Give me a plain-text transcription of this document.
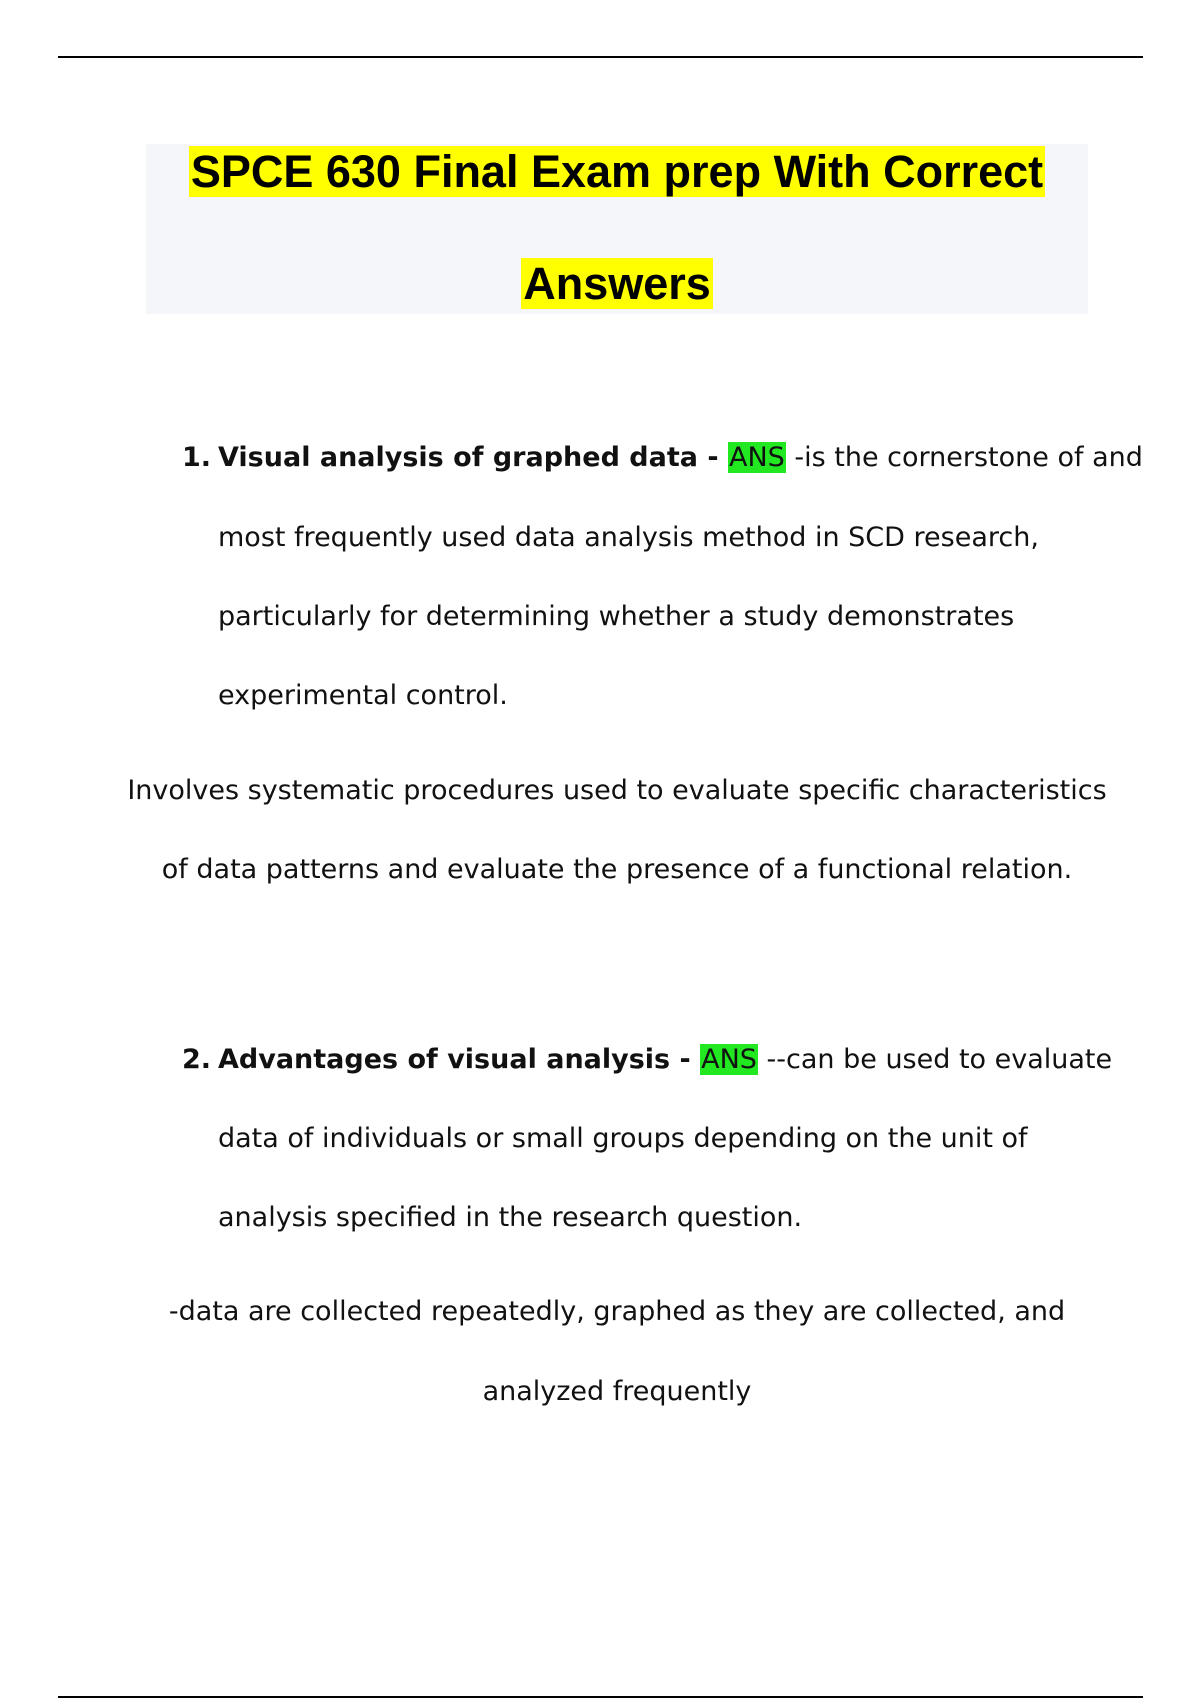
SPCE 630 Final Exam prep With Correct
Answers
1. Visual analysis of graphed data - ANS -is the cornerstone of and
most frequently used data analysis method in SCD research,
particularly for determining whether a study demonstrates
experimental control.
Involves systematic procedures used to evaluate specific characteristics
of data patterns and evaluate the presence of a functional relation.
2. Advantages of visual analysis - ANS --can be used to evaluate
data of individuals or small groups depending on the unit of
analysis specified in the research question.
-data are collected repeatedly, graphed as they are collected, and
analyzed frequently
